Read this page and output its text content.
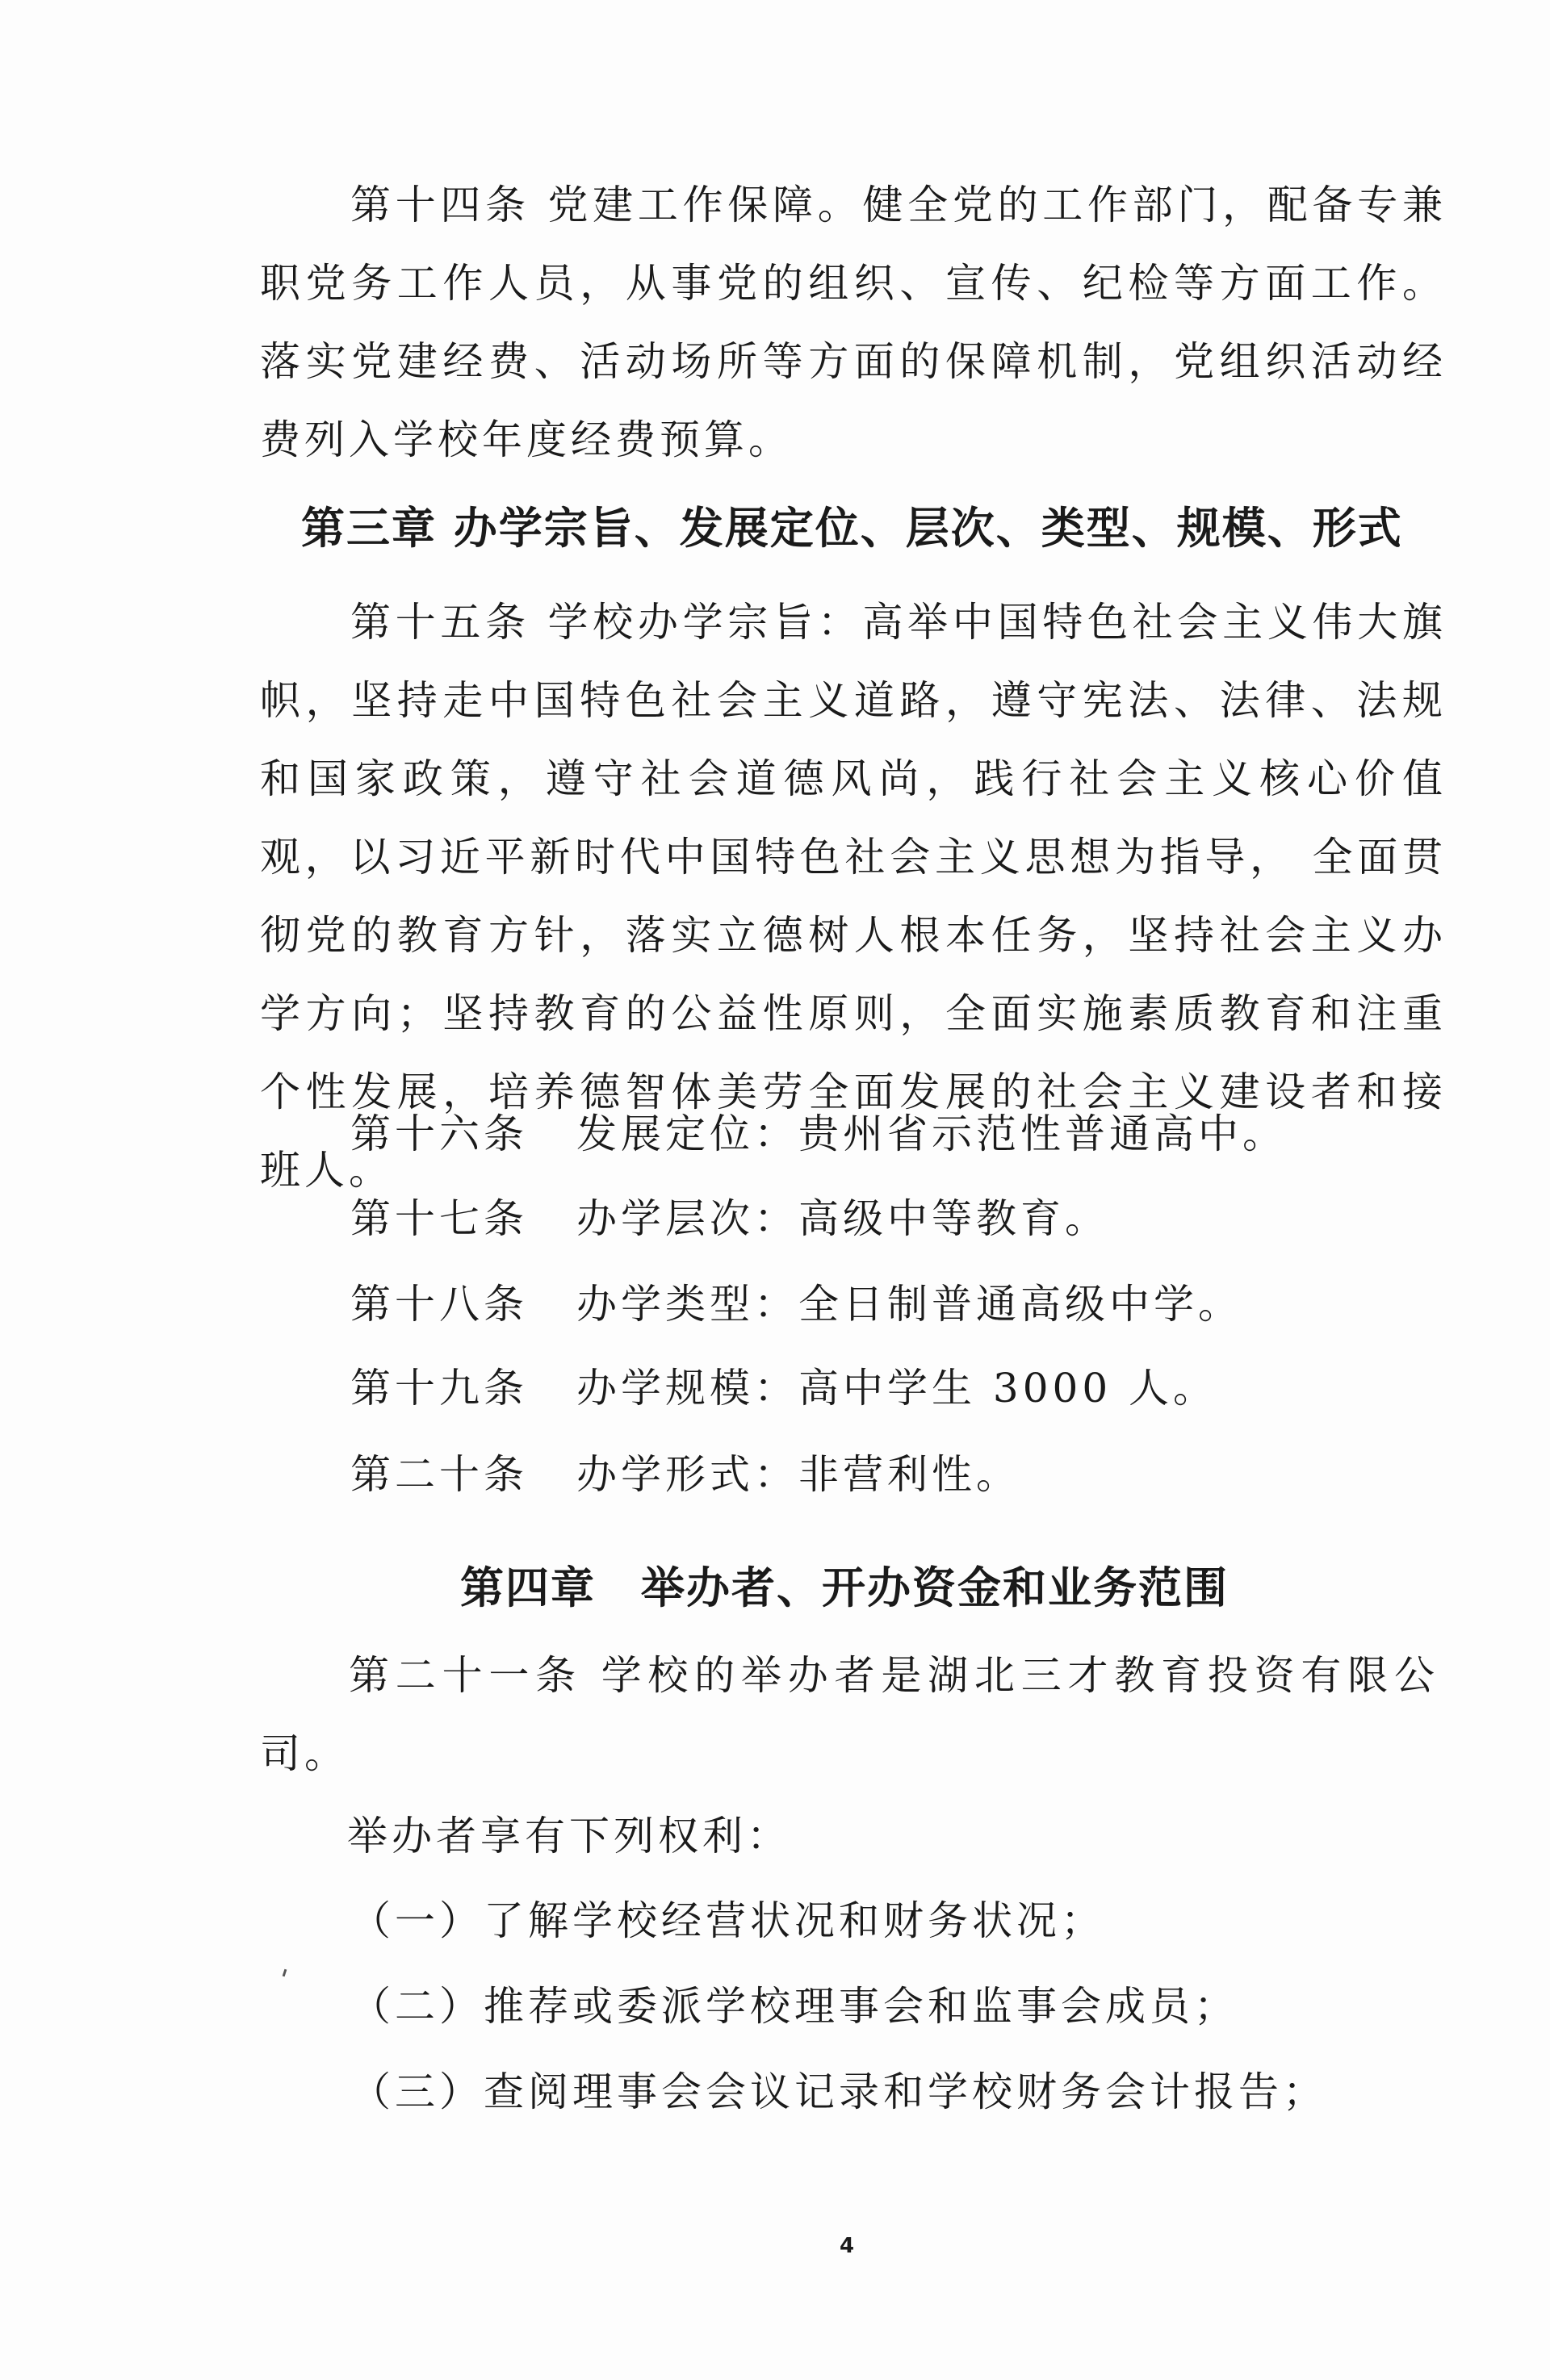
第十四条 党建工作保障。健全党的工作部门，配备专兼职党务工作人员，从事党的组织、宣传、纪检等方面工作。落实党建经费、活动场所等方面的保障机制，党组织活动经费列入学校年度经费预算。

第三章 办学宗旨、发展定位、层次、类型、规模、形式

第十五条 学校办学宗旨：高举中国特色社会主义伟大旗帜，坚持走中国特色社会主义道路，遵守宪法、法律、法规和国家政策，遵守社会道德风尚，践行社会主义核心价值观，以习近平新时代中国特色社会主义思想为指导， 全面贯彻党的教育方针，落实立德树人根本任务，坚持社会主义办学方向；坚持教育的公益性原则，全面实施素质教育和注重个性发展，培养德智体美劳全面发展的社会主义建设者和接班人。

第十六条 发展定位：贵州省示范性普通高中。

第十七条 办学层次：高级中等教育。

第十八条 办学类型：全日制普通高级中学。

第十九条 办学规模：高中学生 3000 人。

第二十条 办学形式：非营利性。

第四章　举办者、开办资金和业务范围

第二十一条 学校的举办者是湖北三才教育投资有限公司。

举办者享有下列权利：

（一）了解学校经营状况和财务状况；

（二）推荐或委派学校理事会和监事会成员；

（三）查阅理事会会议记录和学校财务会计报告；

4
